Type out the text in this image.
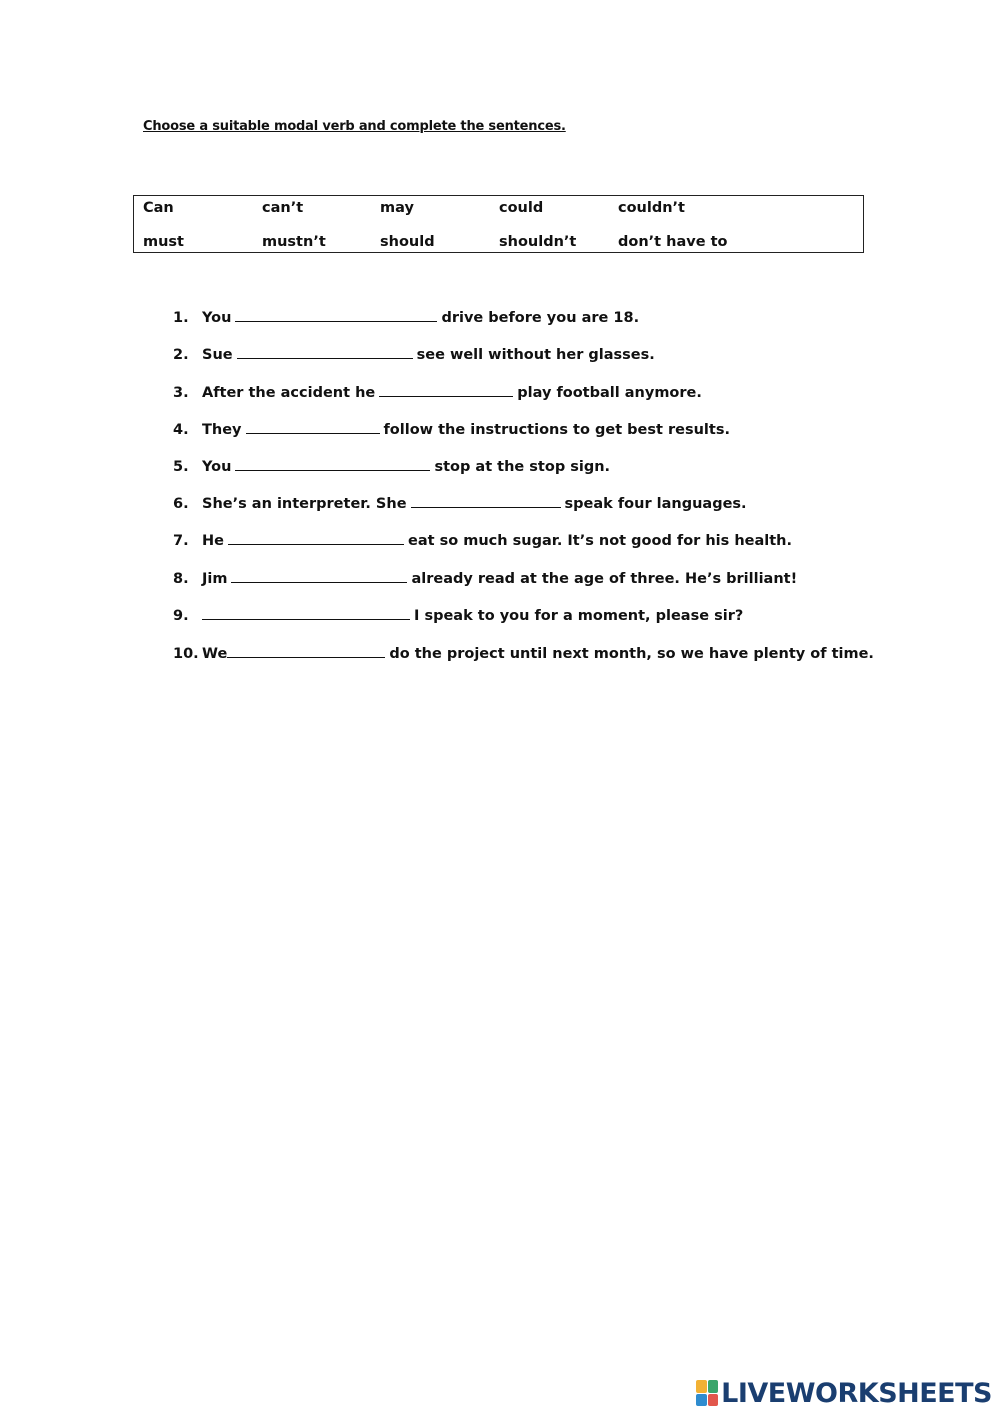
Choose a suitable modal verb and complete the sentences.
Can	can’t	may	could	couldn’t
must	mustn’t	should	shouldn’t	don’t have to
1. You	drive before you are 18.
2. Sue	see well without her glasses.
3. After the accident he	play football anymore.
4. They	follow the instructions to get best results.
5. You	stop at the stop sign.
6. She’s an interpreter. She	speak four languages.
7. He	eat so much sugar. It’s not good for his health.
8. Jim	already read at the age of three. He’s brilliant!
9.	I speak to you for a moment, please sir?
10. We	do the project until next month, so we have plenty of time.
LIVEWORKSHEETS
